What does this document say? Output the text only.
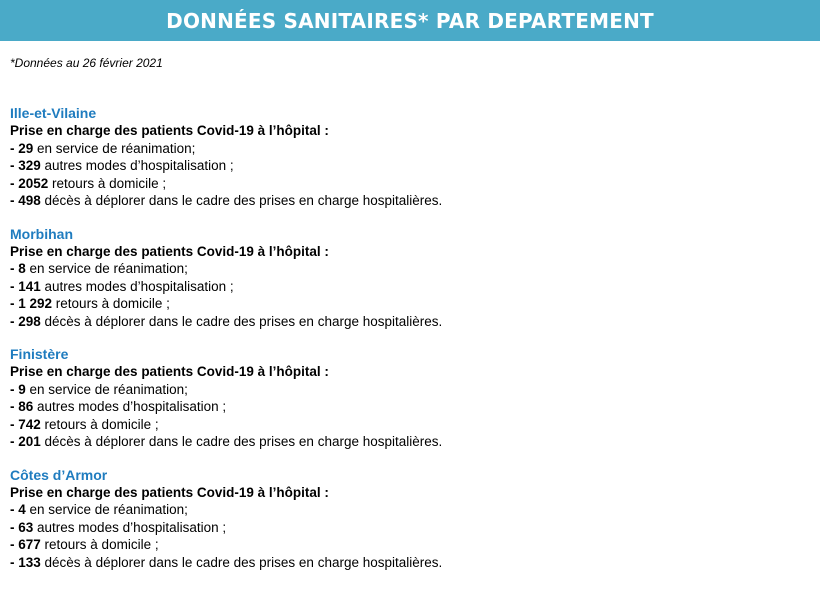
DONNÉES SANITAIRES* PAR DEPARTEMENT
*Données au 26 février 2021
Ille-et-Vilaine
Prise en charge des patients Covid-19 à l’hôpital :
- 29 en service de réanimation;
- 329 autres modes d’hospitalisation ;
- 2052 retours à domicile ;
- 498 décès à déplorer dans le cadre des prises en charge hospitalières.
Morbihan
Prise en charge des patients Covid-19 à l’hôpital :
- 8 en service de réanimation;
- 141 autres modes d’hospitalisation ;
- 1 292 retours à domicile ;
- 298 décès à déplorer dans le cadre des prises en charge hospitalières.
Finistère
Prise en charge des patients Covid-19 à l’hôpital :
- 9 en service de réanimation;
- 86 autres modes d’hospitalisation ;
- 742 retours à domicile ;
- 201 décès à déplorer dans le cadre des prises en charge hospitalières.
Côtes d’Armor
Prise en charge des patients Covid-19 à l’hôpital :
- 4 en service de réanimation;
- 63 autres modes d’hospitalisation ;
- 677 retours à domicile ;
- 133 décès à déplorer dans le cadre des prises en charge hospitalières.
